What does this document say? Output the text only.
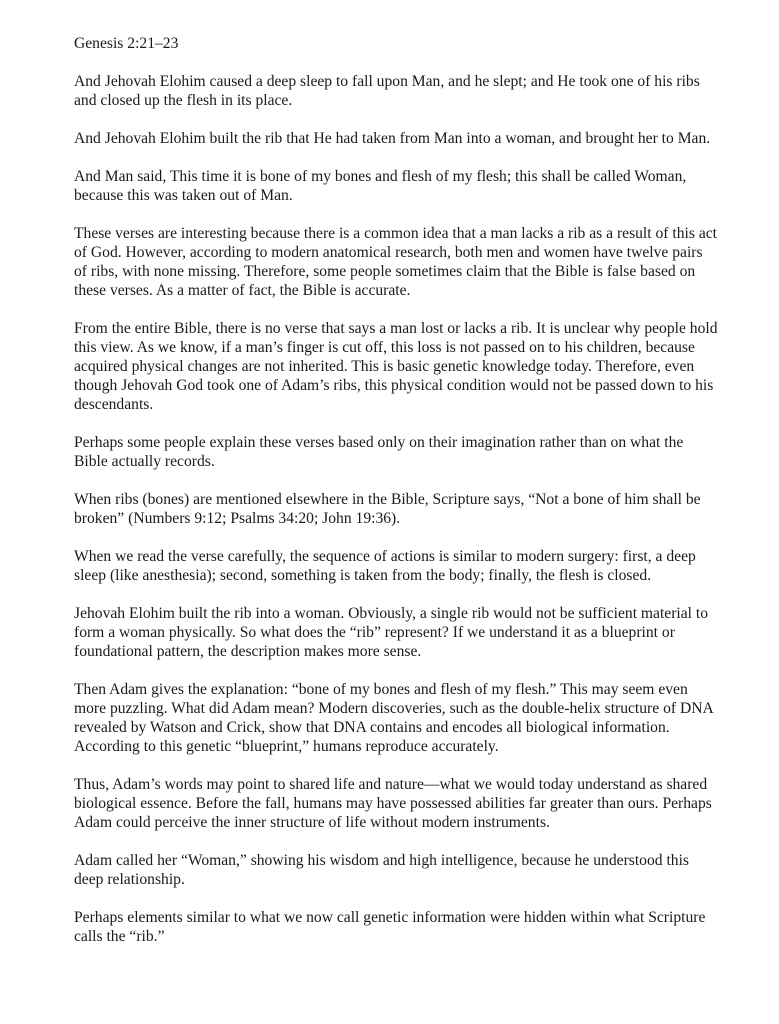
Genesis 2:21–23
And Jehovah Elohim caused a deep sleep to fall upon Man, and he slept; and He took one of his ribs and closed up the flesh in its place.
And Jehovah Elohim built the rib that He had taken from Man into a woman, and brought her to Man.
And Man said, This time it is bone of my bones and flesh of my flesh; this shall be called Woman, because this was taken out of Man.
These verses are interesting because there is a common idea that a man lacks a rib as a result of this act of God. However, according to modern anatomical research, both men and women have twelve pairs of ribs, with none missing. Therefore, some people sometimes claim that the Bible is false based on these verses. As a matter of fact, the Bible is accurate.
From the entire Bible, there is no verse that says a man lost or lacks a rib. It is unclear why people hold this view. As we know, if a man’s finger is cut off, this loss is not passed on to his children, because acquired physical changes are not inherited. This is basic genetic knowledge today. Therefore, even though Jehovah God took one of Adam’s ribs, this physical condition would not be passed down to his descendants.
Perhaps some people explain these verses based only on their imagination rather than on what the Bible actually records.
When ribs (bones) are mentioned elsewhere in the Bible, Scripture says, “Not a bone of him shall be broken” (Numbers 9:12; Psalms 34:20; John 19:36).
When we read the verse carefully, the sequence of actions is similar to modern surgery: first, a deep sleep (like anesthesia); second, something is taken from the body; finally, the flesh is closed.
Jehovah Elohim built the rib into a woman. Obviously, a single rib would not be sufficient material to form a woman physically. So what does the “rib” represent? If we understand it as a blueprint or foundational pattern, the description makes more sense.
Then Adam gives the explanation: “bone of my bones and flesh of my flesh.” This may seem even more puzzling. What did Adam mean? Modern discoveries, such as the double-helix structure of DNA revealed by Watson and Crick, show that DNA contains and encodes all biological information. According to this genetic “blueprint,” humans reproduce accurately.
Thus, Adam’s words may point to shared life and nature—what we would today understand as shared biological essence. Before the fall, humans may have possessed abilities far greater than ours. Perhaps Adam could perceive the inner structure of life without modern instruments.
Adam called her “Woman,” showing his wisdom and high intelligence, because he understood this deep relationship.
Perhaps elements similar to what we now call genetic information were hidden within what Scripture calls the “rib.”
